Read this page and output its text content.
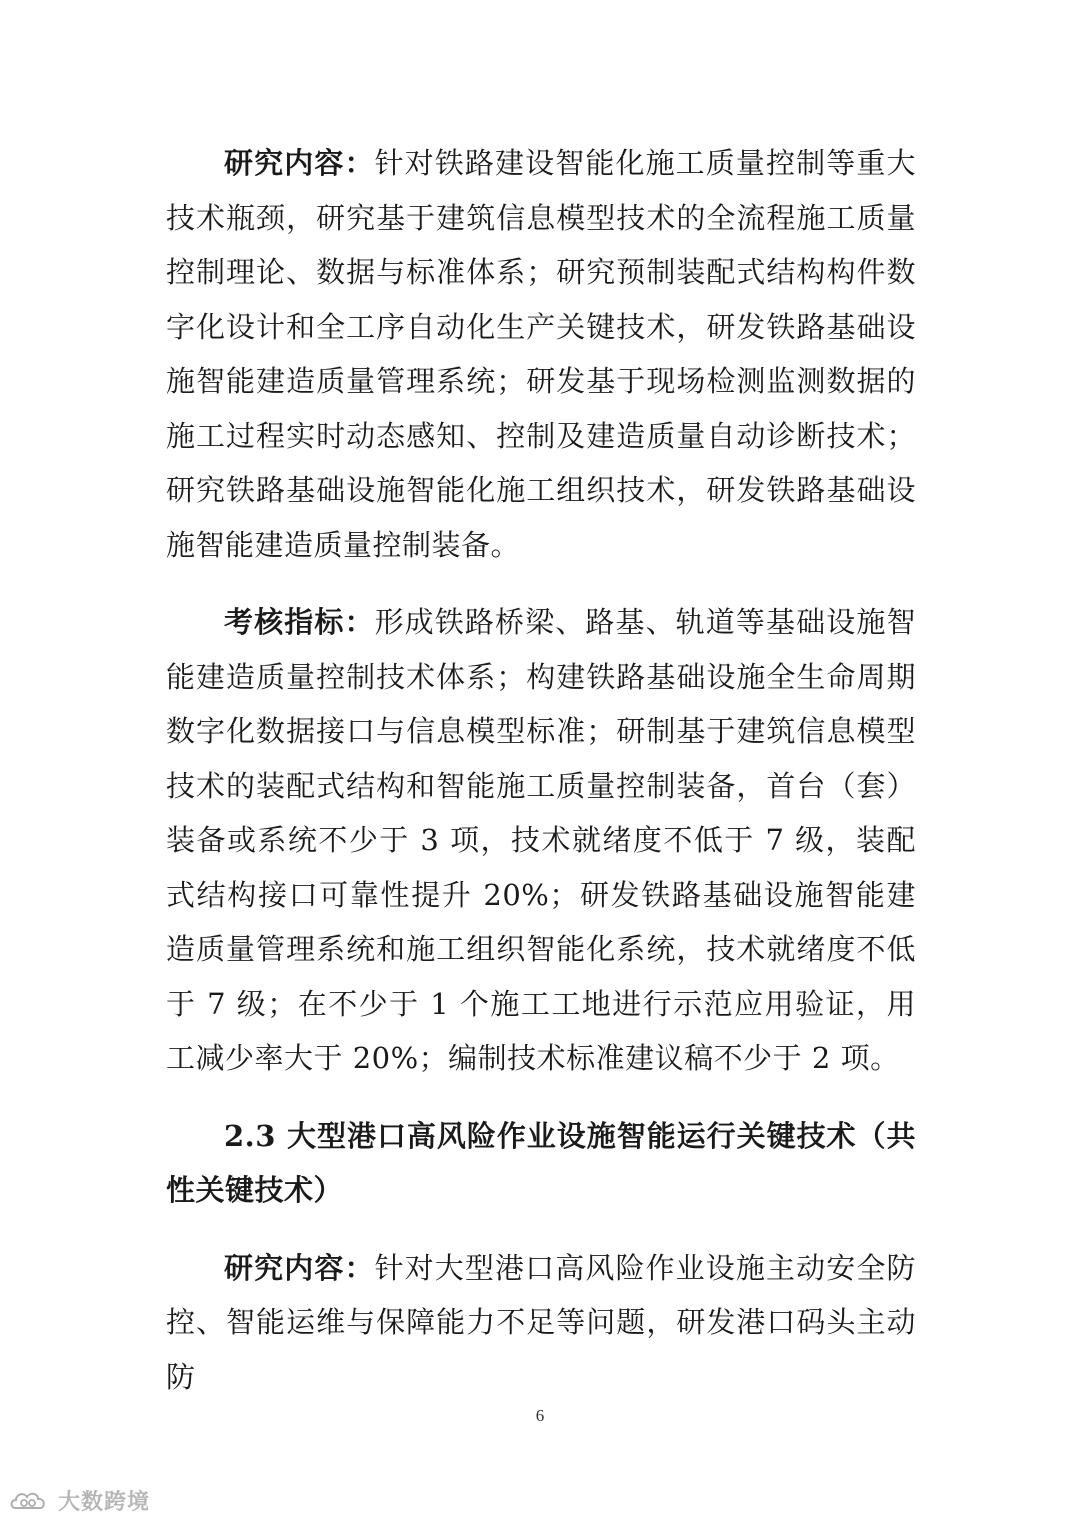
研究内容：针对铁路建设智能化施工质量控制等重大技术瓶颈，研究基于建筑信息模型技术的全流程施工质量控制理论、数据与标准体系；研究预制装配式结构构件数字化设计和全工序自动化生产关键技术，研发铁路基础设施智能建造质量管理系统；研发基于现场检测监测数据的施工过程实时动态感知、控制及建造质量自动诊断技术；研究铁路基础设施智能化施工组织技术，研发铁路基础设施智能建造质量控制装备。

考核指标：形成铁路桥梁、路基、轨道等基础设施智能建造质量控制技术体系；构建铁路基础设施全生命周期数字化数据接口与信息模型标准；研制基于建筑信息模型技术的装配式结构和智能施工质量控制装备，首台（套）装备或系统不少于 3 项，技术就绪度不低于 7 级，装配式结构接口可靠性提升 20%；研发铁路基础设施智能建造质量管理系统和施工组织智能化系统，技术就绪度不低于 7 级；在不少于 1 个施工工地进行示范应用验证，用工减少率大于 20%；编制技术标准建议稿不少于 2 项。

2.3 大型港口高风险作业设施智能运行关键技术（共性关键技术）

研究内容：针对大型港口高风险作业设施主动安全防控、智能运维与保障能力不足等问题，研发港口码头主动防

6
大数跨境
